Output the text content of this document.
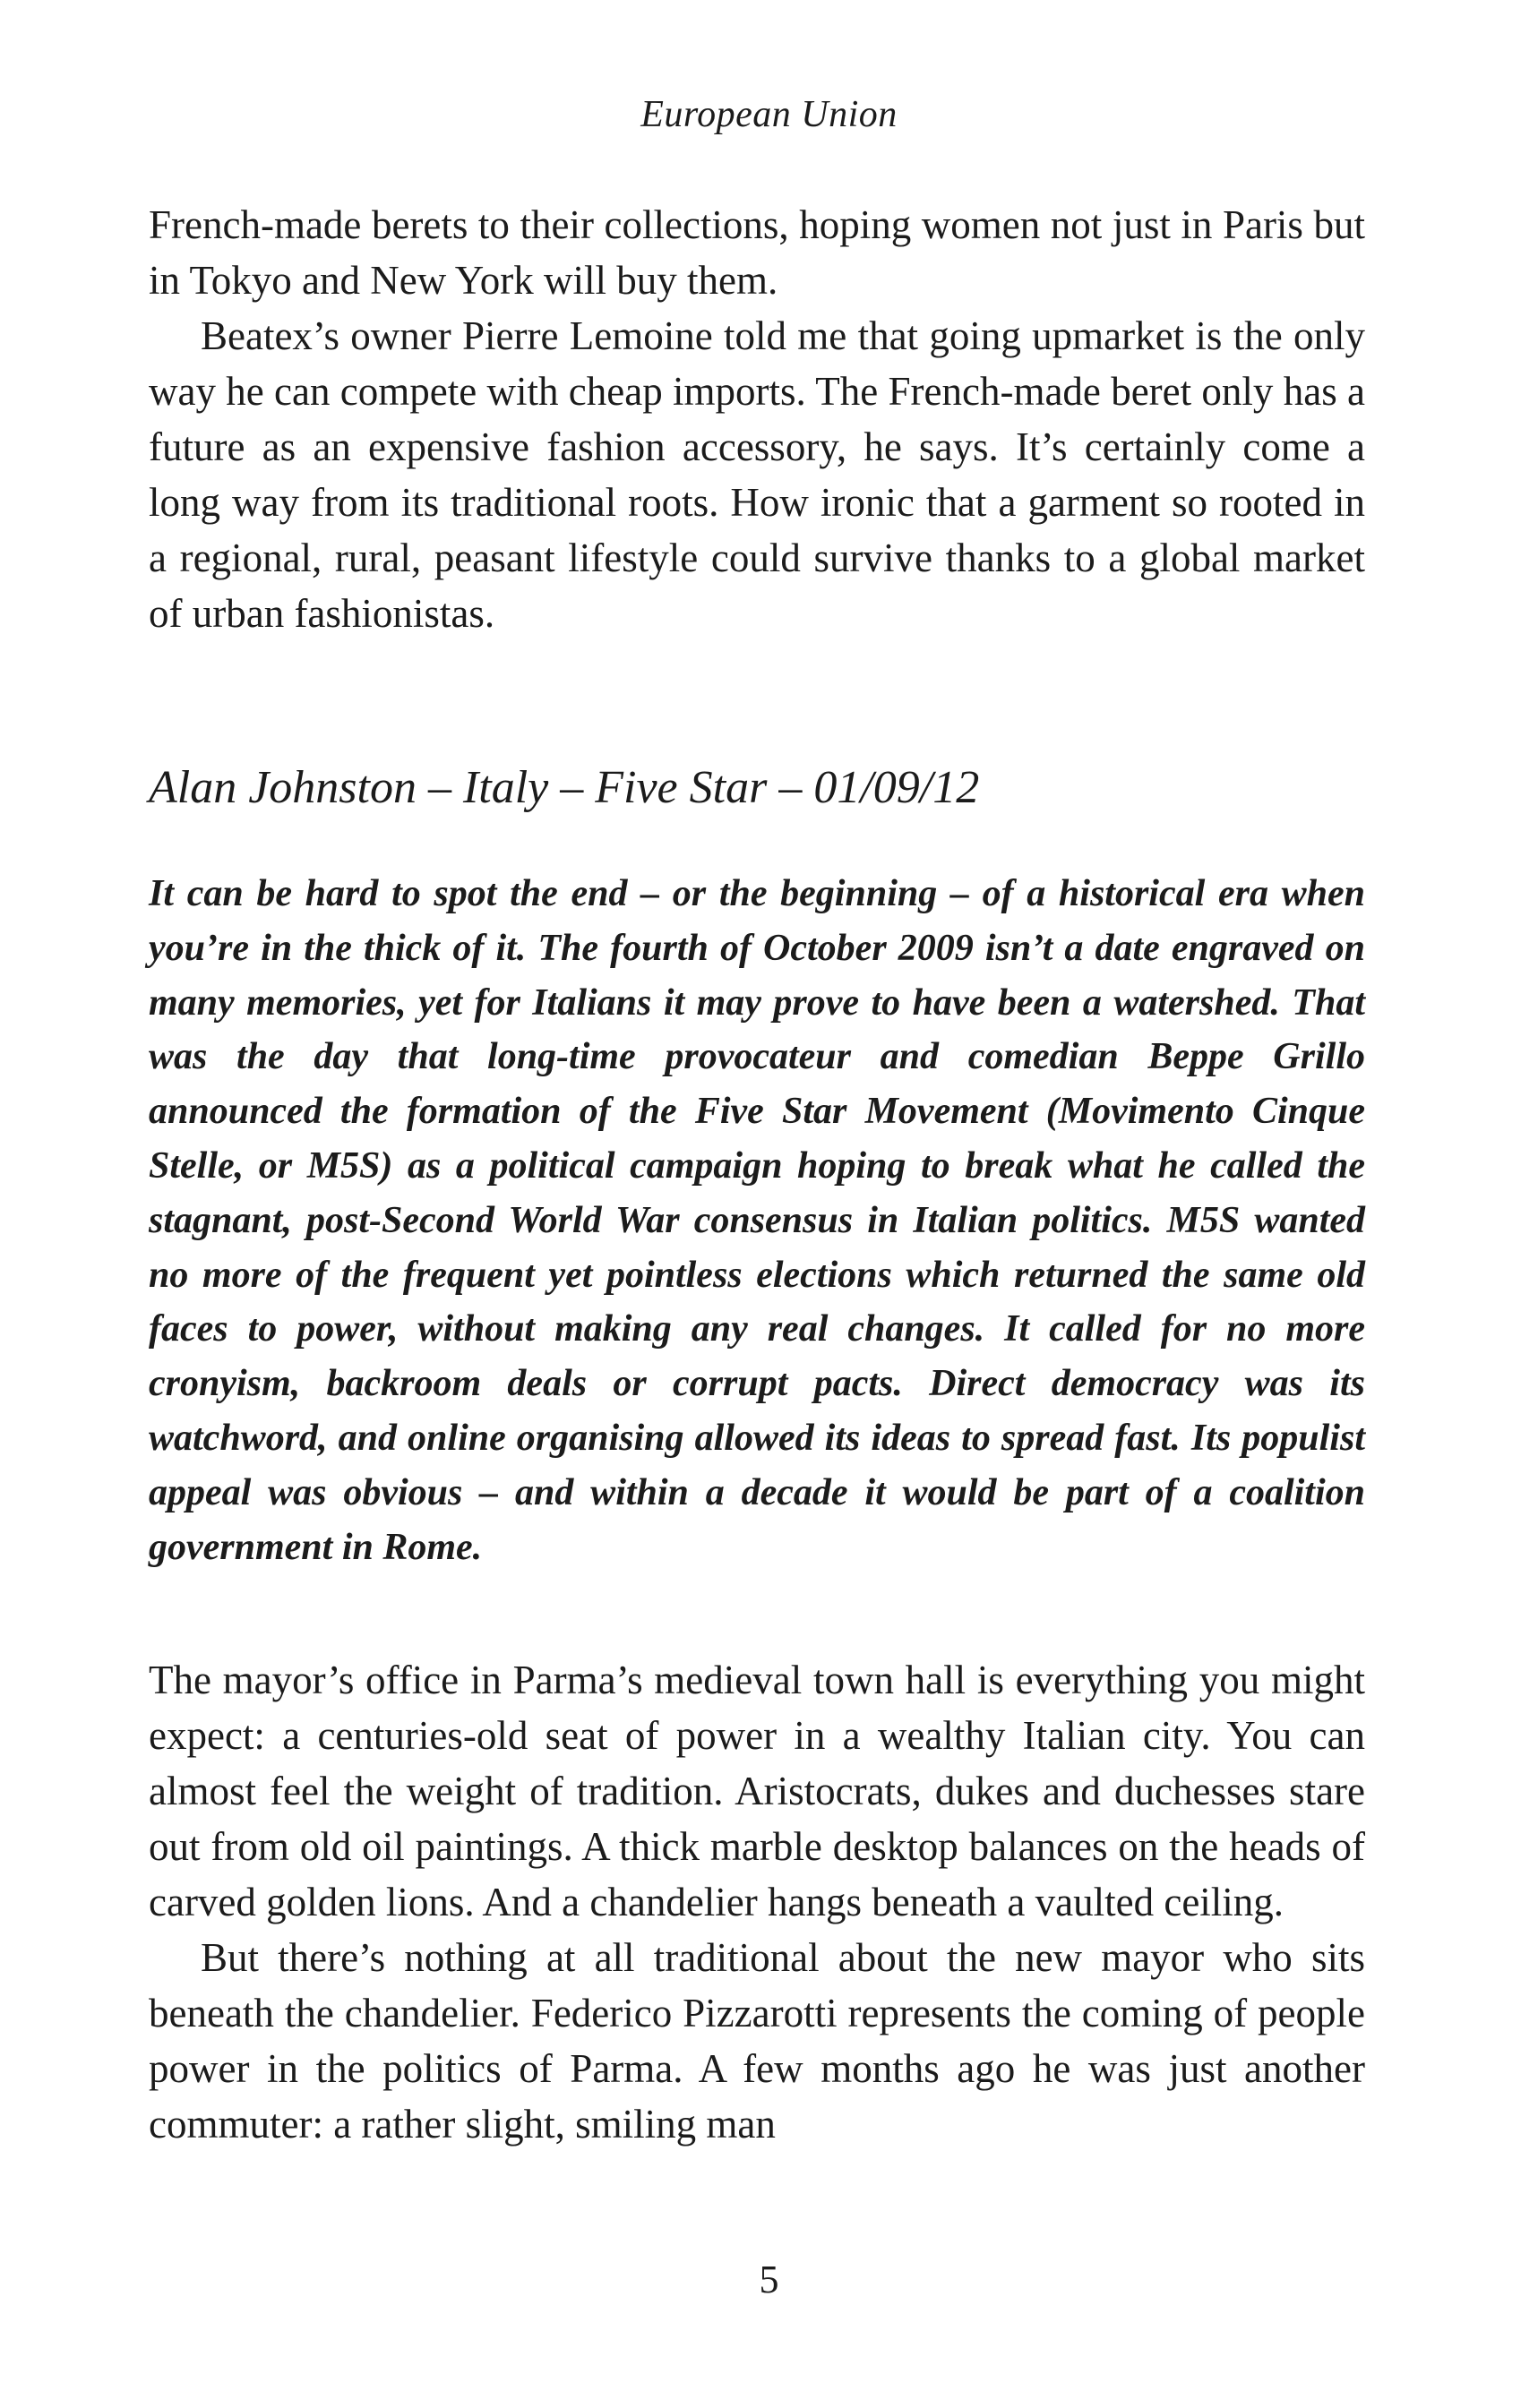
European Union

French-made berets to their collections, hoping women not just in Paris but in Tokyo and New York will buy them.

Beatex’s owner Pierre Lemoine told me that going upmarket is the only way he can compete with cheap imports. The French-made beret only has a future as an expensive fashion accessory, he says. It’s certainly come a long way from its traditional roots. How ironic that a garment so rooted in a regional, rural, peasant lifestyle could survive thanks to a global market of urban fashionistas.

Alan Johnston – Italy – Five Star – 01/09/12
It can be hard to spot the end – or the beginning – of a historical era when you’re in the thick of it. The fourth of October 2009 isn’t a date engraved on many memories, yet for Italians it may prove to have been a watershed. That was the day that long-time provocateur and comedian Beppe Grillo announced the formation of the Five Star Movement (Movimento Cinque Stelle, or M5S) as a political campaign hoping to break what he called the stagnant, post-Second World War consensus in Italian politics. M5S wanted no more of the frequent yet pointless elections which returned the same old faces to power, without making any real changes. It called for no more cronyism, backroom deals or corrupt pacts. Direct democracy was its watchword, and online organising allowed its ideas to spread fast. Its populist appeal was obvious – and within a decade it would be part of a coalition government in Rome.

The mayor’s office in Parma’s medieval town hall is everything you might expect: a centuries-old seat of power in a wealthy Italian city. You can almost feel the weight of tradition. Aristocrats, dukes and duchesses stare out from old oil paintings. A thick marble desktop balances on the heads of carved golden lions. And a chandelier hangs beneath a vaulted ceiling.

But there’s nothing at all traditional about the new mayor who sits beneath the chandelier. Federico Pizzarotti represents the coming of people power in the politics of Parma. A few months ago he was just another commuter: a rather slight, smiling man

5
